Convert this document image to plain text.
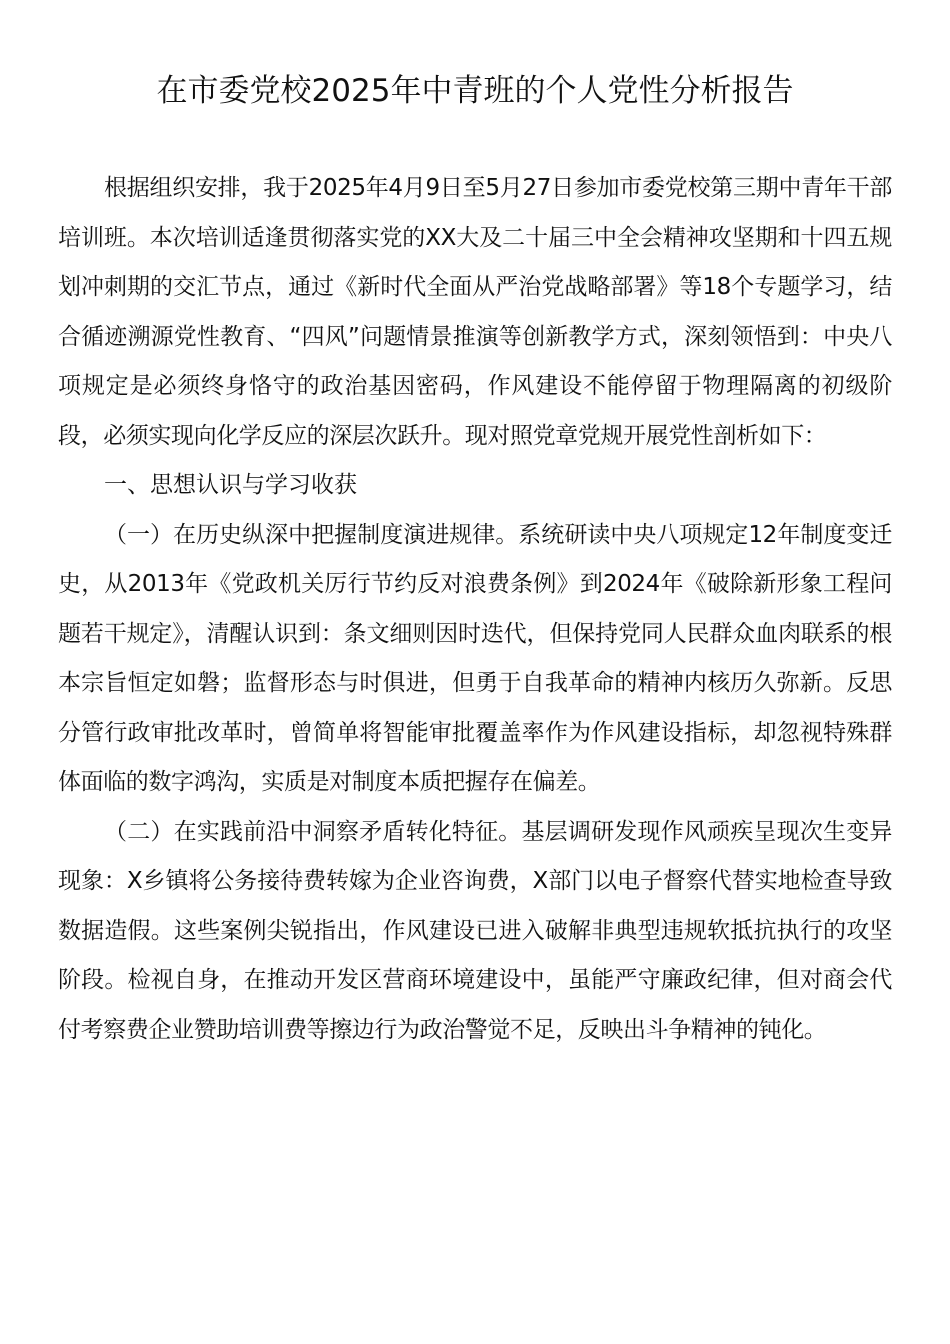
在市委党校2025年中青班的个人党性分析报告

根据组织安排，我于2025年4月9日至5月27日参加市委党校第三期中青年干部培训班。本次培训适逢贯彻落实党的XX大及二十届三中全会精神攻坚期和十四五规划冲刺期的交汇节点，通过《新时代全面从严治党战略部署》等18个专题学习，结合循迹溯源党性教育、“四风”问题情景推演等创新教学方式，深刻领悟到：中央八项规定是必须终身恪守的政治基因密码，作风建设不能停留于物理隔离的初级阶段，必须实现向化学反应的深层次跃升。现对照党章党规开展党性剖析如下：

一、思想认识与学习收获

（一）在历史纵深中把握制度演进规律。系统研读中央八项规定12年制度变迁史，从2013年《党政机关厉行节约反对浪费条例》到2024年《破除新形象工程问题若干规定》，清醒认识到：条文细则因时迭代，但保持党同人民群众血肉联系的根本宗旨恒定如磐；监督形态与时俱进，但勇于自我革命的精神内核历久弥新。反思分管行政审批改革时，曾简单将智能审批覆盖率作为作风建设指标，却忽视特殊群体面临的数字鸿沟，实质是对制度本质把握存在偏差。

（二）在实践前沿中洞察矛盾转化特征。基层调研发现作风顽疾呈现次生变异现象：X乡镇将公务接待费转嫁为企业咨询费，X部门以电子督察代替实地检查导致数据造假。这些案例尖锐指出，作风建设已进入破解非典型违规软抵抗执行的攻坚阶段。检视自身，在推动开发区营商环境建设中，虽能严守廉政纪律，但对商会代付考察费企业赞助培训费等擦边行为政治警觉不足，反映出斗争精神的钝化。
